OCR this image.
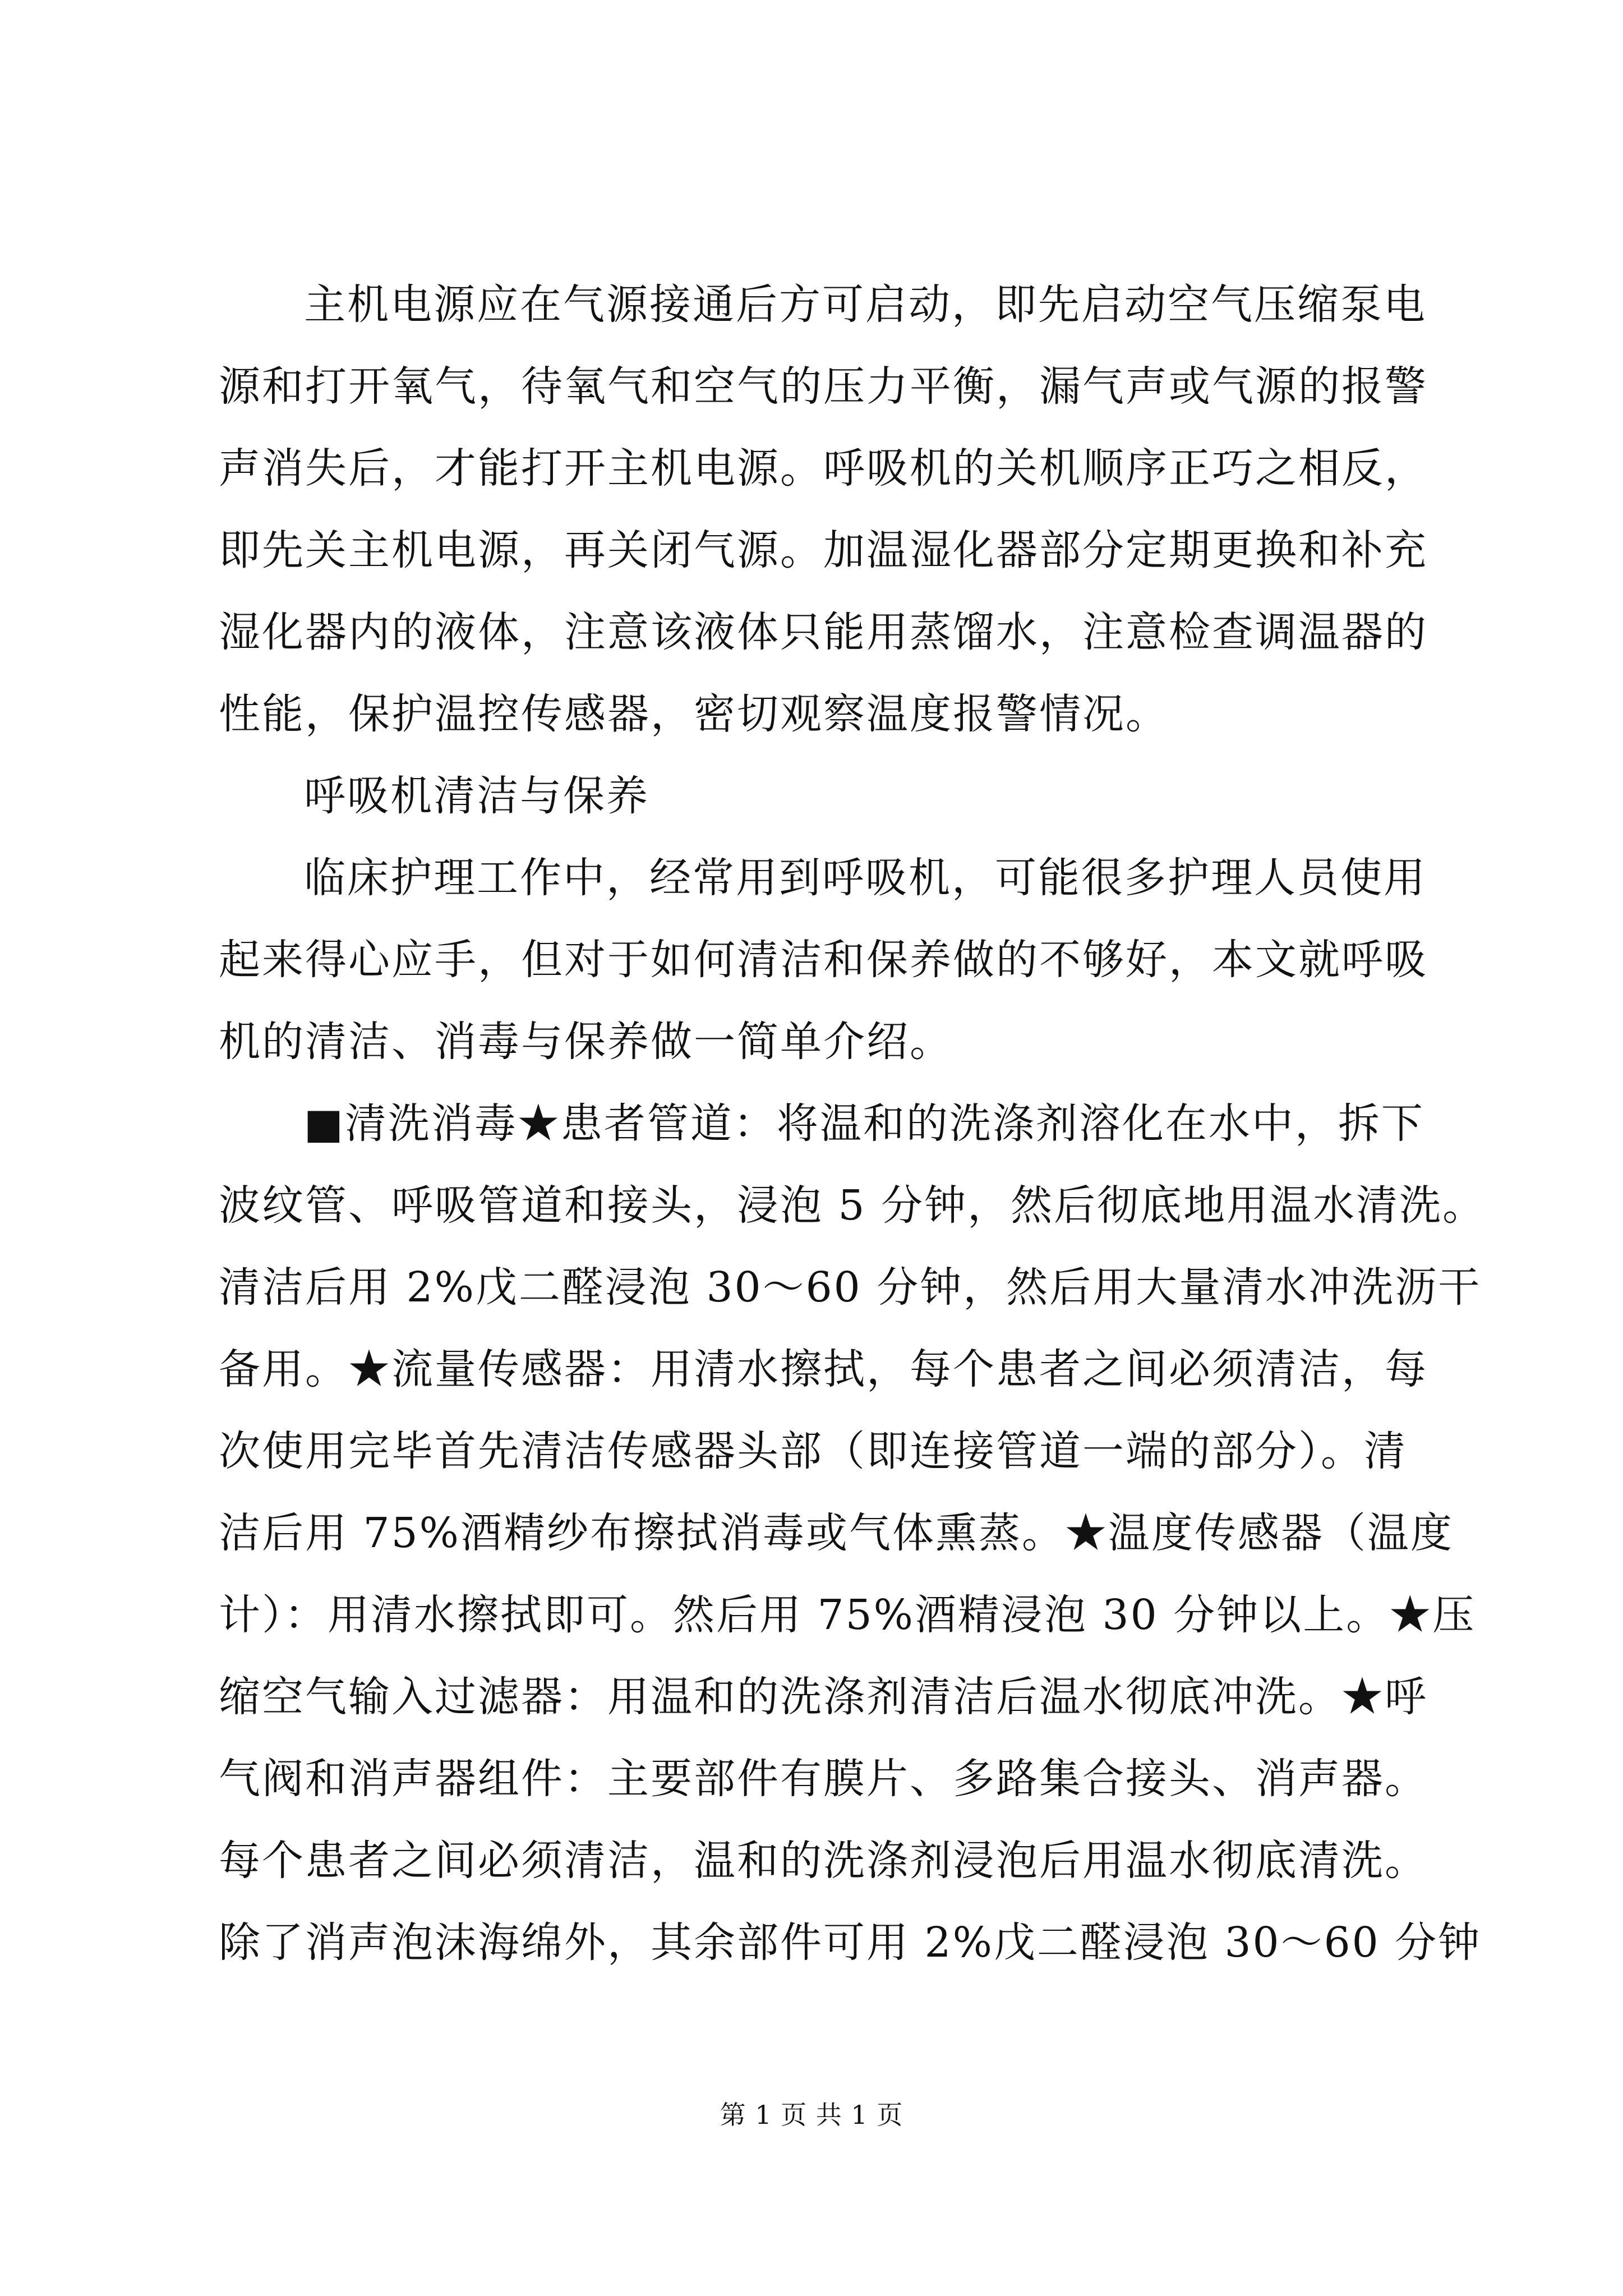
主机电源应在气源接通后方可启动，即先启动空气压缩泵电
源和打开氧气，待氧气和空气的压力平衡，漏气声或气源的报警
声消失后，才能打开主机电源。呼吸机的关机顺序正巧之相反，
即先关主机电源，再关闭气源。加温湿化器部分定期更换和补充
湿化器内的液体，注意该液体只能用蒸馏水，注意检查调温器的
性能，保护温控传感器，密切观察温度报警情况。
呼吸机清洁与保养
临床护理工作中，经常用到呼吸机，可能很多护理人员使用
起来得心应手，但对于如何清洁和保养做的不够好，本文就呼吸
机的清洁、消毒与保养做一简单介绍。
■清洗消毒★患者管道：将温和的洗涤剂溶化在水中，拆下
波纹管、呼吸管道和接头，浸泡 5 分钟，然后彻底地用温水清洗。
清洁后用 2%戊二醛浸泡 30～60 分钟，然后用大量清水冲洗沥干
备用。★流量传感器：用清水擦拭，每个患者之间必须清洁，每
次使用完毕首先清洁传感器头部（即连接管道一端的部分）。清
洁后用 75%酒精纱布擦拭消毒或气体熏蒸。★温度传感器（温度
计）：用清水擦拭即可。然后用 75%酒精浸泡 30 分钟以上。★压
缩空气输入过滤器：用温和的洗涤剂清洁后温水彻底冲洗。★呼
气阀和消声器组件：主要部件有膜片、多路集合接头、消声器。
每个患者之间必须清洁，温和的洗涤剂浸泡后用温水彻底清洗。
除了消声泡沫海绵外，其余部件可用 2%戊二醛浸泡 30～60 分钟
第 1 页 共 1 页
